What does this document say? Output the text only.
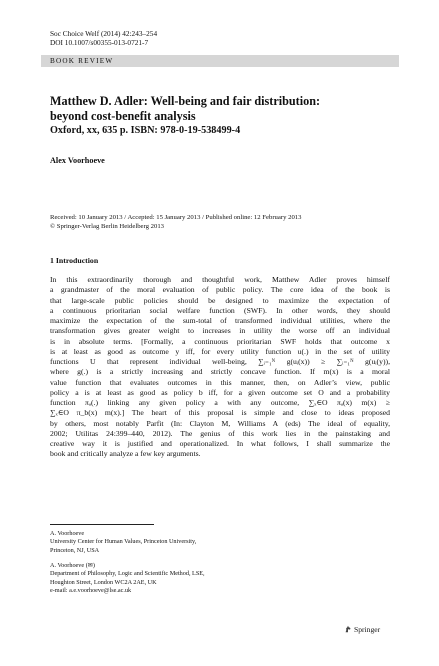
Soc Choice Welf (2014) 42:243–254
DOI 10.1007/s00355-013-0721-7
BOOK REVIEW
Matthew D. Adler: Well-being and fair distribution:
beyond cost-benefit analysis
Oxford, xx, 635 p. ISBN: 978-0-19-538499-4
Alex Voorhoeve
Received: 10 January 2013 / Accepted: 15 January 2013 / Published online: 12 February 2013
© Springer-Verlag Berlin Heidelberg 2013
1 Introduction
In this extraordinarily thorough and thoughtful work, Matthew Adler proves himself
a grandmaster of the moral evaluation of public policy. The core idea of the book is
that large-scale public policies should be designed to maximize the expectation of
a continuous prioritarian social welfare function (SWF). In other words, they should
maximize the expectation of the sum-total of transformed individual utilities, where the
transformation gives greater weight to increases in utility the worse off an individual
is in absolute terms. [Formally, a continuous prioritarian SWF holds that outcome x
is at least as good as outcome y iff, for every utility function u(.) in the set of utility
functions U that represent individual well-being, ∑ᵢ₌₁ᴺ g(uᵢ(x)) ≥ ∑ᵢ₌₁ᴺ g(uᵢ(y)),
where g(.) is a strictly increasing and strictly concave function. If m(x) is a moral
value function that evaluates outcomes in this manner, then, on Adler’s view, public
policy a is at least as good as policy b iff, for a given outcome set O and a probability
function πₐ(.) linking any given policy a with any outcome, ∑ₓ∈O πₐ(x) m(x) ≥
∑ₓ∈O π_b(x) m(x).] The heart of this proposal is simple and close to ideas proposed
by others, most notably Parfit (In: Clayton M, Williams A (eds) The ideal of equality,
2002; Utilitas 24:399–440, 2012). The genius of this work lies in the painstaking and
creative way it is justified and operationalized. In what follows, I shall summarize the
book and critically analyze a few key arguments.
A. Voorhoeve
University Center for Human Values, Princeton University,
Princeton, NJ, USA
A. Voorhoeve (✉)
Department of Philosophy, Logic and Scientific Method, LSE,
Houghton Street, London WC2A 2AE, UK
e-mail: a.e.voorhoeve@lse.ac.uk
Springer
